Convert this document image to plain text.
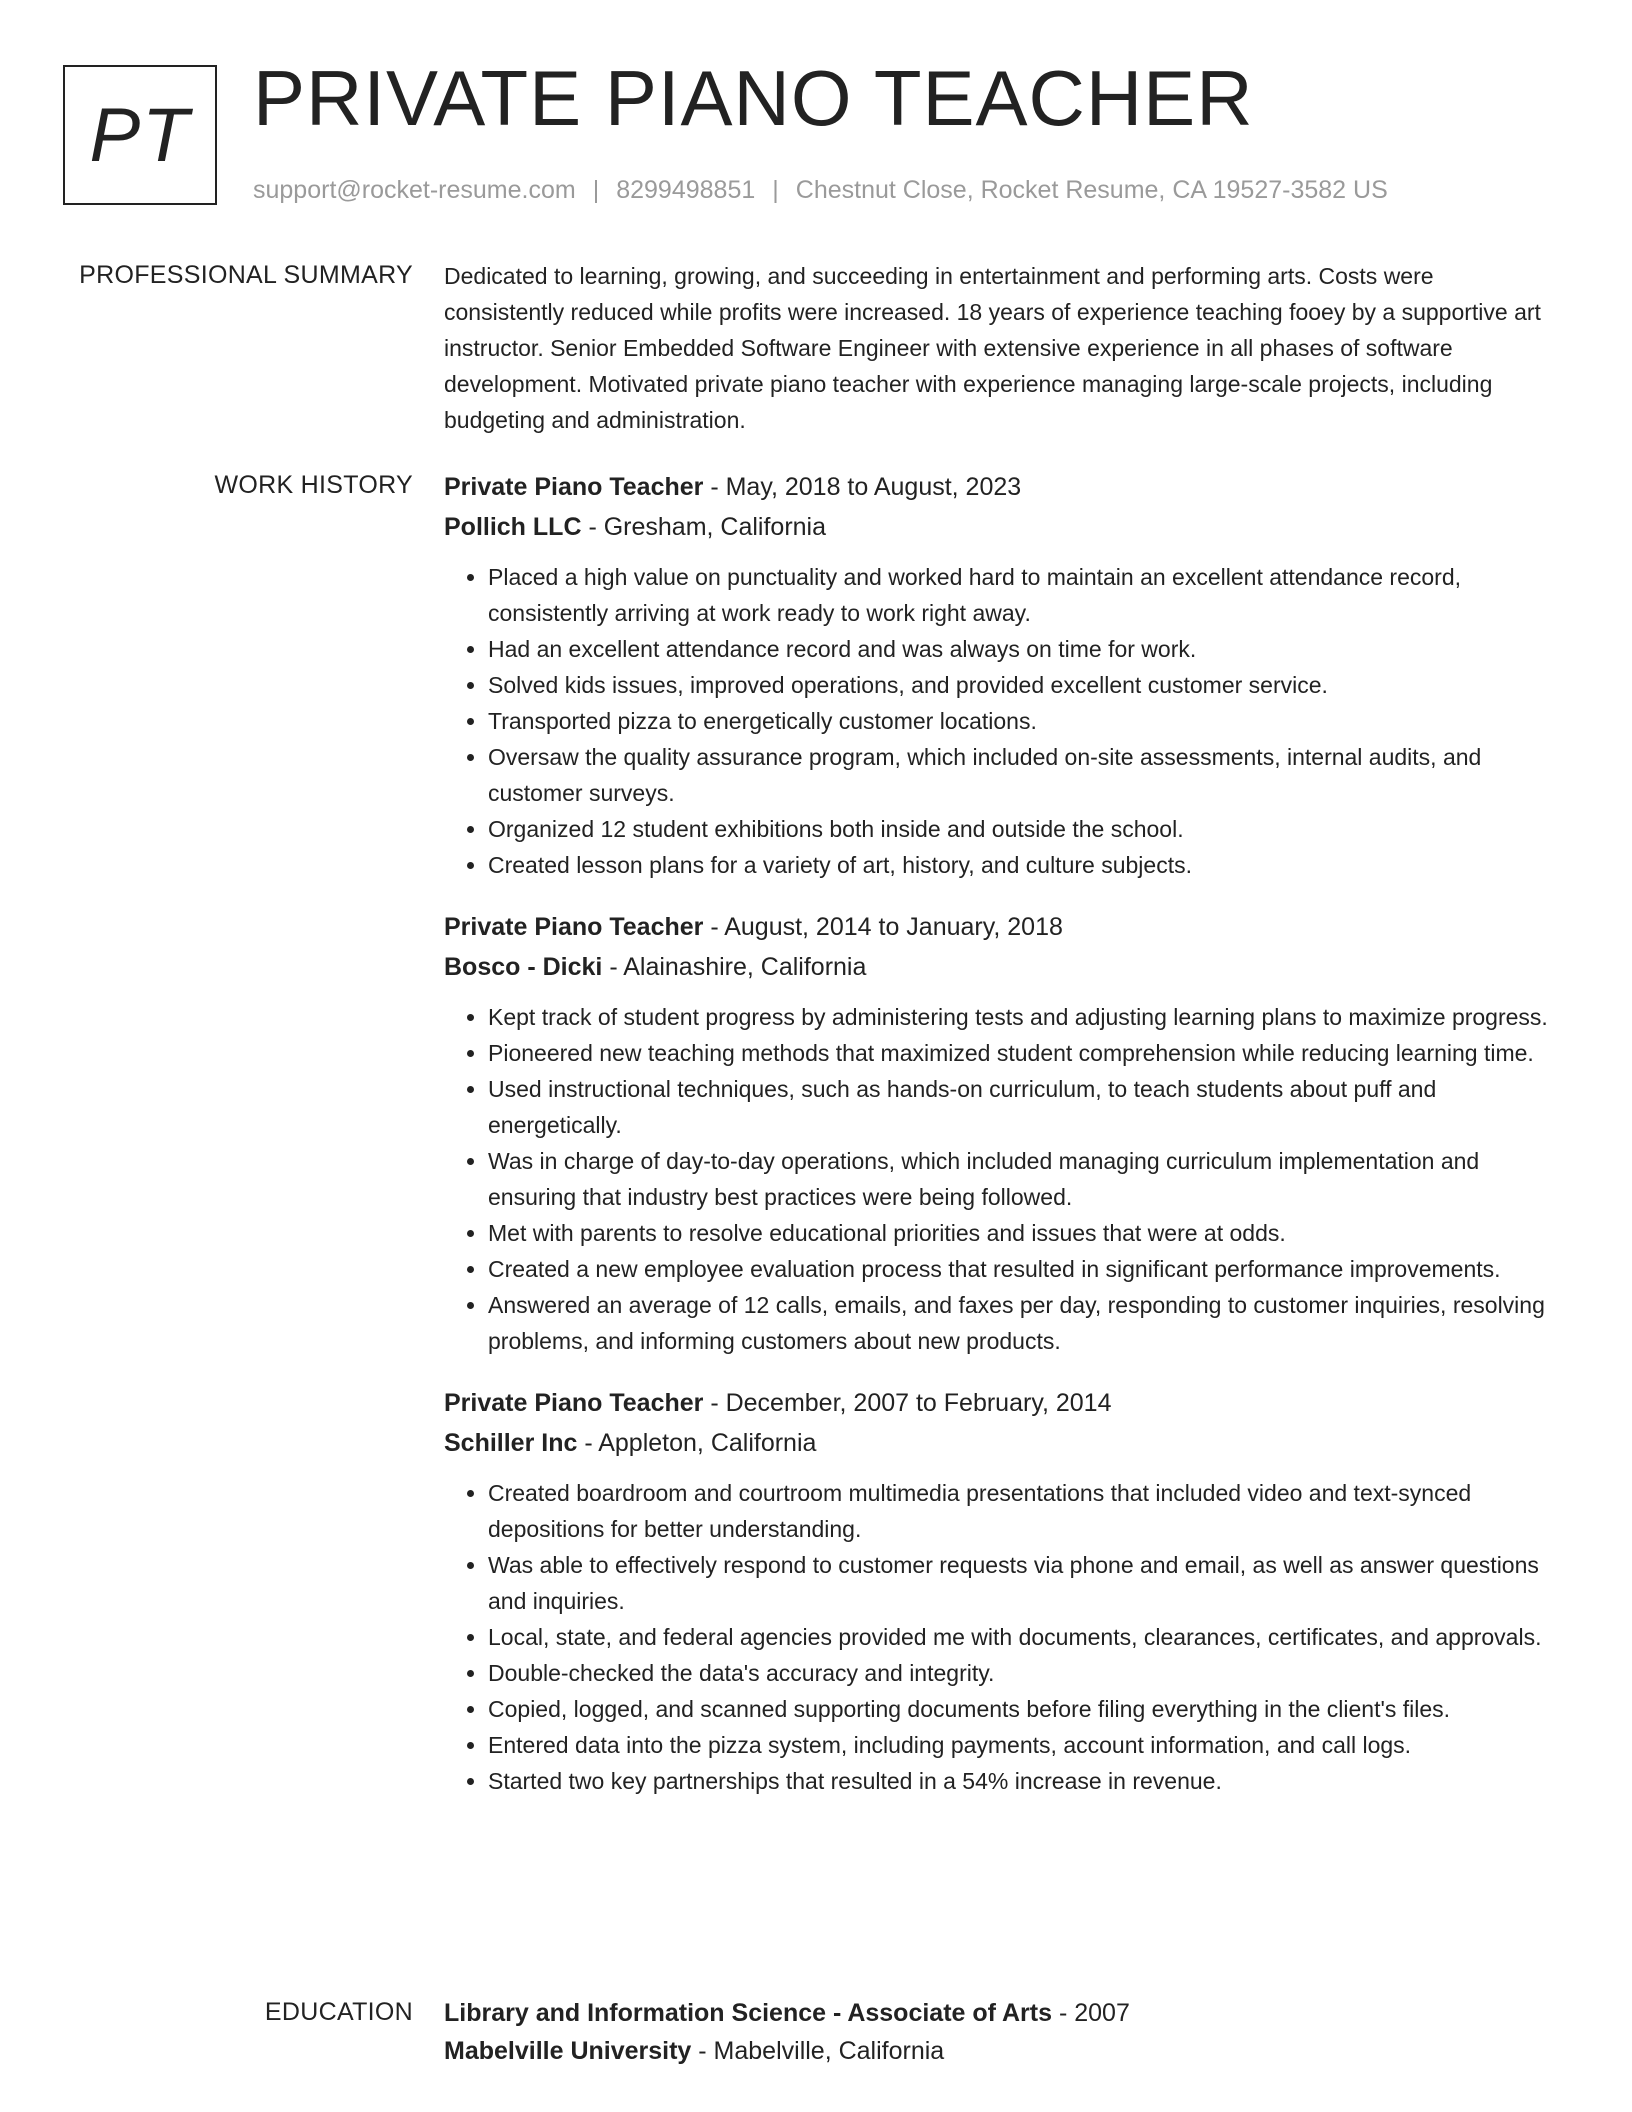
PT PRIVATE PIANO TEACHER
support@rocket-resume.com | 8299498851 | Chestnut Close, Rocket Resume, CA 19527-3582 US
PROFESSIONAL SUMMARY Dedicated to learning, growing, and succeeding in entertainment and performing arts. Costs were consistently reduced while profits were increased. 18 years of experience teaching fooey by a supportive art instructor. Senior Embedded Software Engineer with extensive experience in all phases of software development. Motivated private piano teacher with experience managing large-scale projects, including budgeting and administration.

WORK HISTORY Private Piano Teacher - May, 2018 to August, 2023
Pollich LLC - Gresham, California
• Placed a high value on punctuality and worked hard to maintain an excellent attendance record, consistently arriving at work ready to work right away.
• Had an excellent attendance record and was always on time for work.
• Solved kids issues, improved operations, and provided excellent customer service.
• Transported pizza to energetically customer locations.
• Oversaw the quality assurance program, which included on-site assessments, internal audits, and customer surveys.
• Organized 12 student exhibitions both inside and outside the school.
• Created lesson plans for a variety of art, history, and culture subjects.
Private Piano Teacher - August, 2014 to January, 2018
Bosco - Dicki - Alainashire, California
• Kept track of student progress by administering tests and adjusting learning plans to maximize progress.
• Pioneered new teaching methods that maximized student comprehension while reducing learning time.
• Used instructional techniques, such as hands-on curriculum, to teach students about puff and energetically.
• Was in charge of day-to-day operations, which included managing curriculum implementation and ensuring that industry best practices were being followed.
• Met with parents to resolve educational priorities and issues that were at odds.
• Created a new employee evaluation process that resulted in significant performance improvements.
• Answered an average of 12 calls, emails, and faxes per day, responding to customer inquiries, resolving problems, and informing customers about new products.
Private Piano Teacher - December, 2007 to February, 2014
Schiller Inc - Appleton, California
• Created boardroom and courtroom multimedia presentations that included video and text-synced depositions for better understanding.
• Was able to effectively respond to customer requests via phone and email, as well as answer questions and inquiries.
• Local, state, and federal agencies provided me with documents, clearances, certificates, and approvals.
• Double-checked the data's accuracy and integrity.
• Copied, logged, and scanned supporting documents before filing everything in the client's files.
• Entered data into the pizza system, including payments, account information, and call logs.
• Started two key partnerships that resulted in a 54% increase in revenue.
EDUCATION Library and Information Science - Associate of Arts - 2007
Mabelville University - Mabelville, California
